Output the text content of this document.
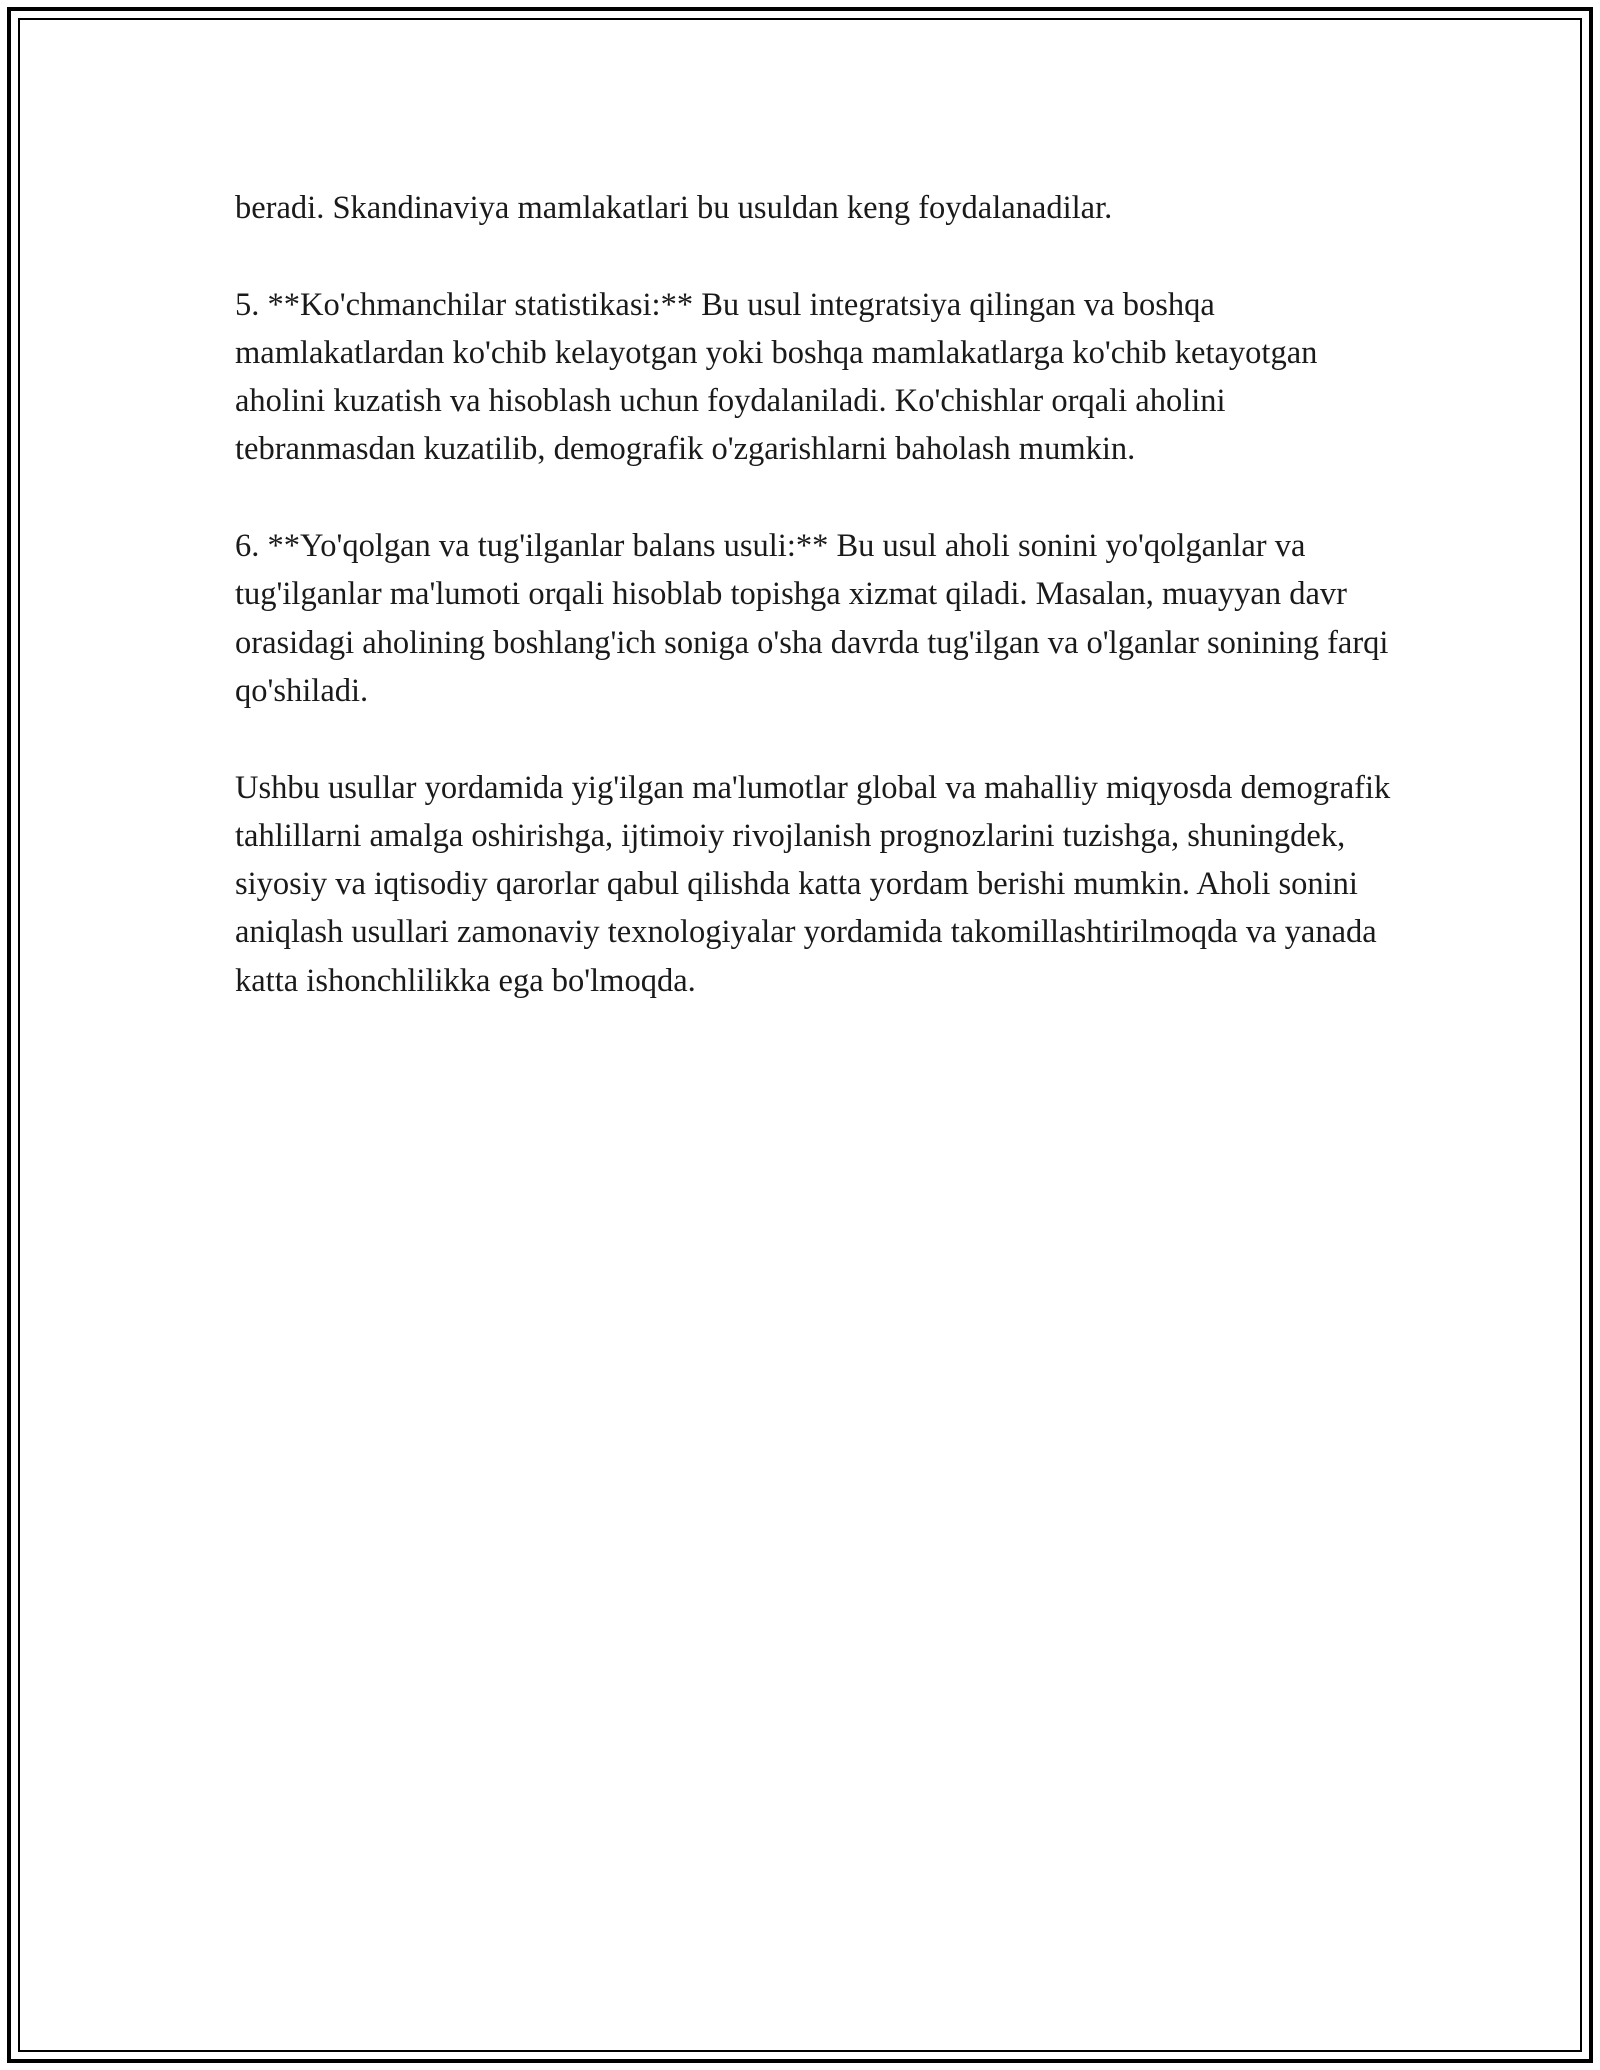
beradi. Skandinaviya mamlakatlari bu usuldan keng foydalanadilar.

5. **Ko'chmanchilar statistikasi:** Bu usul integratsiya qilingan va boshqa mamlakatlardan ko'chib kelayotgan yoki boshqa mamlakatlarga ko'chib ketayotgan aholini kuzatish va hisoblash uchun foydalaniladi. Ko'chishlar orqali aholini tebranmasdan kuzatilib, demografik o'zgarishlarni baholash mumkin.

6. **Yo'qolgan va tug'ilganlar balans usuli:** Bu usul aholi sonini yo'qolganlar va tug'ilganlar ma'lumoti orqali hisoblab topishga xizmat qiladi. Masalan, muayyan davr orasidagi aholining boshlang'ich soniga o'sha davrda tug'ilgan va o'lganlar sonining farqi qo'shiladi.

Ushbu usullar yordamida yig'ilgan ma'lumotlar global va mahalliy miqyosda demografik tahlillarni amalga oshirishga, ijtimoiy rivojlanish prognozlarini tuzishga, shuningdek, siyosiy va iqtisodiy qarorlar qabul qilishda katta yordam berishi mumkin. Aholi sonini aniqlash usullari zamonaviy texnologiyalar yordamida takomillashtirilmoqda va yanada katta ishonchlilikka ega bo'lmoqda.
